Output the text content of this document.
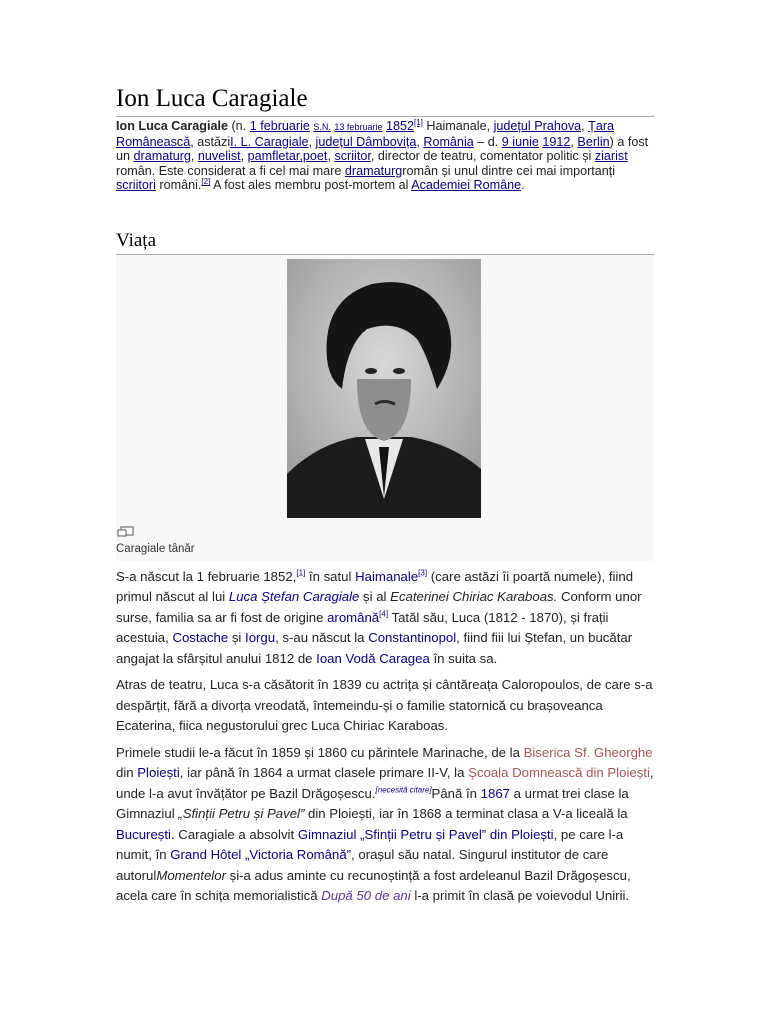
Ion Luca Caragiale
Ion Luca Caragiale (n. 1 februarie S.N. 13 februarie 1852[1] Haimanale, județul Prahova, Țara Românească, astăziI. L. Caragiale, județul Dâmbovița, România – d. 9 iunie 1912, Berlin) a fost un dramaturg, nuvelist, pamfletar,poet, scriitor, director de teatru, comentator politic și ziarist român. Este considerat a fi cel mai mare dramaturgromân și unul dintre cei mai importanți scriitori români.[2] A fost ales membru post-mortem al Academiei Române.
Viața
Caragiale tânăr

S-a născut la 1 februarie 1852,[1] în satul Haimanale[3] (care astăzi îi poartă numele), fiind primul născut al lui Luca Ștefan Caragiale și al Ecaterinei Chiriac Karaboas. Conform unor surse, familia sa ar fi fost de origine aromână[4] Tatăl său, Luca (1812 - 1870), și frații acestuia, Costache și Iorgu, s-au născut la Constantinopol, fiind fiii lui Ștefan, un bucătar angajat la sfârșitul anului 1812 de Ioan Vodă Caragea în suita sa.

Atras de teatru, Luca s-a căsătorit în 1839 cu actrița și cântăreața Caloropoulos, de care s-a despărțit, fără a divorța vreodată, întemeindu-și o familie statornică cu brașoveanca Ecaterina, fiica negustorului grec Luca Chiriac Karaboas.

Primele studii le-a făcut în 1859 și 1860 cu părintele Marinache, de la Biserica Sf. Gheorghe din Ploiești, iar până în 1864 a urmat clasele primare II-V, la Școala Domnească din Ploiești, unde l-a avut învățător pe Bazil Drăgoșescu.[necesită citare]Până în 1867 a urmat trei clase la Gimnaziul „Sfinții Petru și Pavel” din Ploiești, iar în 1868 a terminat clasa a V-a liceală la București. Caragiale a absolvit Gimnaziul „Sfinții Petru și Pavel” din Ploiești, pe care l-a numit, în Grand Hôtel „Victoria Română”, orașul său natal. Singurul institutor de care autorulMomentelor și-a adus aminte cu recunoștință a fost ardeleanul Bazil Drăgoșescu, acela care în schița memorialistică După 50 de ani l-a primit în clasă pe voievodul Unirii.
